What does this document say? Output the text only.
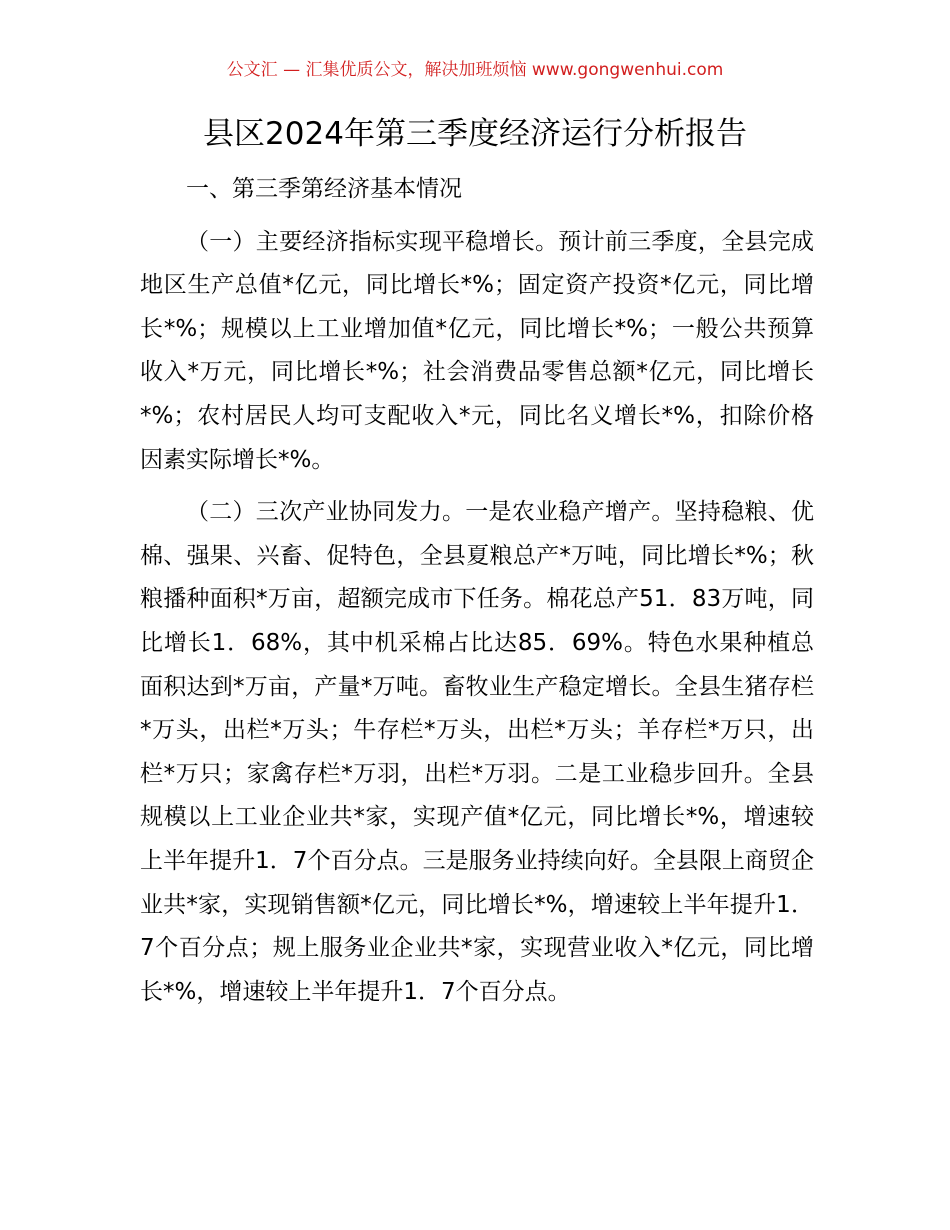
公文汇 — 汇集优质公文，解决加班烦恼 www.gongwenhui.com
县区2024年第三季度经济运行分析报告

一、第三季第经济基本情况

（一）主要经济指标实现平稳增长。预计前三季度，全县完成地区生产总值*亿元，同比增长*%；固定资产投资*亿元，同比增长*%；规模以上工业增加值*亿元，同比增长*%；一般公共预算收入*万元，同比增长*%；社会消费品零售总额*亿元，同比增长*%；农村居民人均可支配收入*元，同比名义增长*%，扣除价格因素实际增长*%。

（二）三次产业协同发力。一是农业稳产增产。坚持稳粮、优棉、强果、兴畜、促特色，全县夏粮总产*万吨，同比增长*%；秋粮播种面积*万亩，超额完成市下任务。棉花总产51．83万吨，同比增长1．68%，其中机采棉占比达85．69%。特色水果种植总面积达到*万亩，产量*万吨。畜牧业生产稳定增长。全县生猪存栏*万头，出栏*万头；牛存栏*万头，出栏*万头；羊存栏*万只，出栏*万只；家禽存栏*万羽，出栏*万羽。二是工业稳步回升。全县规模以上工业企业共*家，实现产值*亿元，同比增长*%，增速较上半年提升1．7个百分点。三是服务业持续向好。全县限上商贸企业共*家，实现销售额*亿元，同比增长*%，增速较上半年提升1．7个百分点；规上服务业企业共*家，实现营业收入*亿元，同比增长*%，增速较上半年提升1．7个百分点。
